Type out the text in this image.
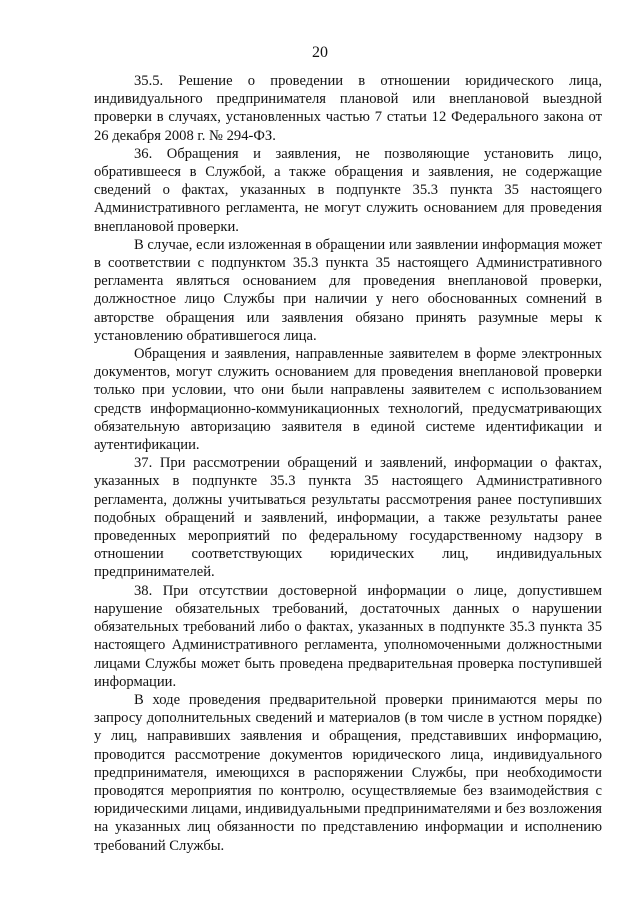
20

35.5. Решение о проведении в отношении юридического лица, индивидуального предпринимателя плановой или внеплановой выездной проверки в случаях, установленных частью 7 статьи 12 Федерального закона от 26 декабря 2008 г. № 294-ФЗ.

36. Обращения и заявления, не позволяющие установить лицо, обратившееся в Службой, а также обращения и заявления, не содержащие сведений о фактах, указанных в подпункте 35.3 пункта 35 настоящего Административного регламента, не могут служить основанием для проведения внеплановой проверки.

В случае, если изложенная в обращении или заявлении информация может в соответствии с подпунктом 35.3 пункта 35 настоящего Административного регламента являться основанием для проведения внеплановой проверки, должностное лицо Службы при наличии у него обоснованных сомнений в авторстве обращения или заявления обязано принять разумные меры к установлению обратившегося лица.

Обращения и заявления, направленные заявителем в форме электронных документов, могут служить основанием для проведения внеплановой проверки только при условии, что они были направлены заявителем с использованием средств информационно-коммуникационных технологий, предусматривающих обязательную авторизацию заявителя в единой системе идентификации и аутентификации.

37. При рассмотрении обращений и заявлений, информации о фактах, указанных в подпункте 35.3 пункта 35 настоящего Административного регламента, должны учитываться результаты рассмотрения ранее поступивших подобных обращений и заявлений, информации, а также результаты ранее проведенных мероприятий по федеральному государственному надзору в отношении соответствующих юридических лиц, индивидуальных предпринимателей.

38. При отсутствии достоверной информации о лице, допустившем нарушение обязательных требований, достаточных данных о нарушении обязательных требований либо о фактах, указанных в подпункте 35.3 пункта 35 настоящего Административного регламента, уполномоченными должностными лицами Службы может быть проведена предварительная проверка поступившей информации.

В ходе проведения предварительной проверки принимаются меры по запросу дополнительных сведений и материалов (в том числе в устном порядке) у лиц, направивших заявления и обращения, представивших информацию, проводится рассмотрение документов юридического лица, индивидуального предпринимателя, имеющихся в распоряжении Службы, при необходимости проводятся мероприятия по контролю, осуществляемые без взаимодействия с юридическими лицами, индивидуальными предпринимателями и без возложения на указанных лиц обязанности по представлению информации и исполнению требований Службы.
